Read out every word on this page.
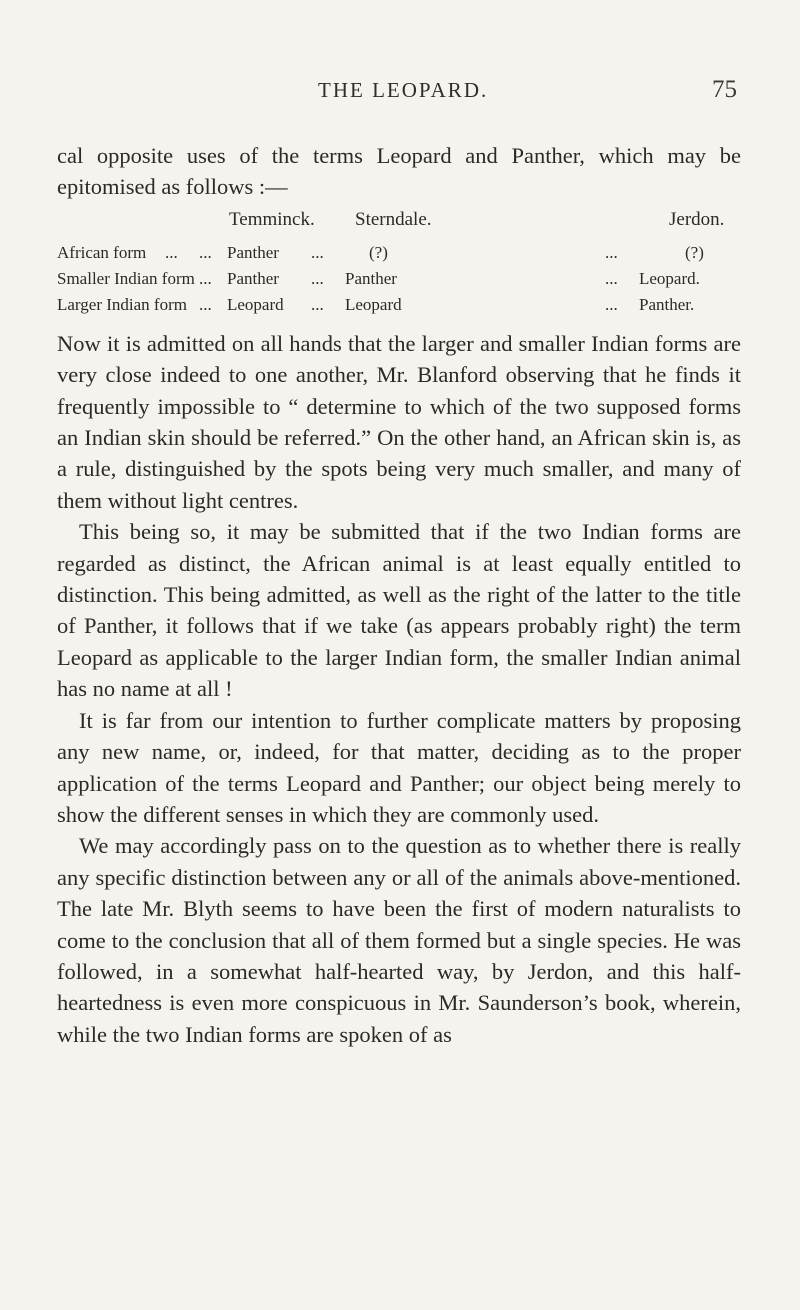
THE LEOPARD.	75

cal opposite uses of the terms Leopard and Panther, which may be epitomised as follows :—

Temminck. Sterndale.	Jerdon.
African form ... ... Panther ...	(?)	...	(?)
Smaller Indian form ... Panther ... Panther	... Leopard.
Larger Indian form ... Leopard ... Leopard	... Panther.

Now it is admitted on all hands that the larger and smaller Indian forms are very close indeed to one another, Mr. Blanford observing that he finds it frequently impossible to “ determine to which of the two supposed forms an Indian skin should be referred.” On the other hand, an African skin is, as a rule, distinguished by the spots being very much smaller, and many of them without light centres.

This being so, it may be submitted that if the two Indian forms are regarded as distinct, the African animal is at least equally entitled to distinction. This being admitted, as well as the right of the latter to the title of Panther, it follows that if we take (as appears probably right) the term Leopard as applicable to the larger Indian form, the smaller Indian animal has no name at all !

It is far from our intention to further complicate matters by proposing any new name, or, indeed, for that matter, deciding as to the proper application of the terms Leopard and Panther; our object being merely to show the different senses in which they are commonly used.

We may accordingly pass on to the question as to whether there is really any specific distinction between any or all of the animals above-mentioned. The late Mr. Blyth seems to have been the first of modern naturalists to come to the conclusion that all of them formed but a single species. He was followed, in a somewhat half-hearted way, by Jerdon, and this half-heartedness is even more conspicuous in Mr. Saunderson’s book, wherein, while the two Indian forms are spoken of as
